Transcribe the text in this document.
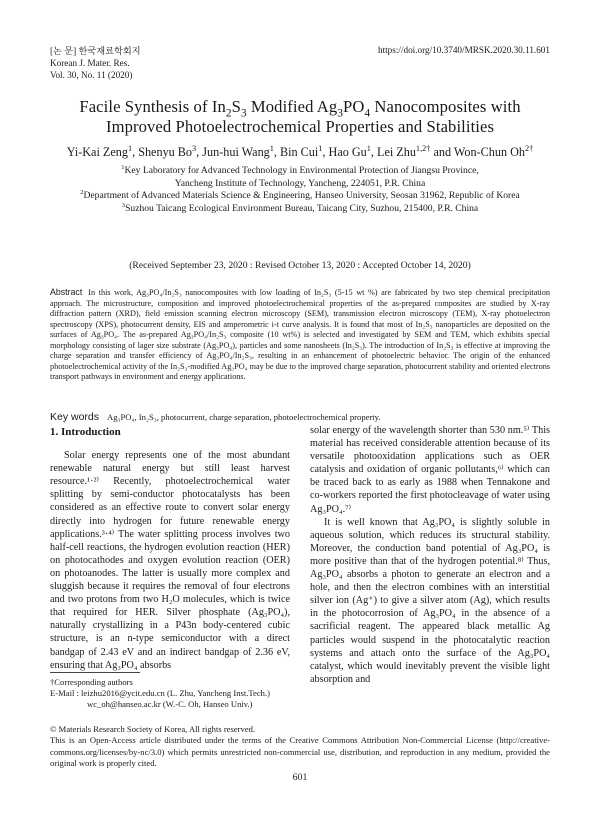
[논 문] 한국재료학회지
Korean J. Mater. Res.
Vol. 30, No. 11 (2020)
https://doi.org/10.3740/MRSK.2020.30.11.601
Facile Synthesis of $In_2S_3$ Modified $Ag_3PO_4$ Nanocomposites with
Improved Photoelectrochemical Properties and Stabilities
Yi-Kai Zeng$^1$, Shenyu Bo$^3$, Jun-hui Wang$^1$, Bin Cui$^1$, Hao Gu$^1$, Lei Zhu$^{1,2\dagger}$ and Won-Chun $Oh^{2\dagger}$
$^1$Key Laboratory for Advanced Technology in Environmental Protection of Jiangsu Province,
Yancheng Institute of Technology, Yancheng, 224051, P.R. China
$^2$Department of Advanced Materials Science & Engineering, Hanseo University, Seosan 31962, Republic of Korea
$^3$Suzhou Taicang Ecological Environment Bureau, Taicang City, Suzhou, 215400, P.R. China
(Received September 23, 2020 : Revised October 13, 2020 : Accepted October 14, 2020)
Abstract In this work, Ag₃PO₄/In₂S₃ nanocomposites with low loading of In₂S₃ (5-15 wt %) are fabricated by two step chemical precipitation approach. The microstructure, composition and improved photoelectrochemical properties of the as-prepared composites are studied by X-ray diffraction pattern (XRD), field emission scanning electron microscopy (SEM), transmission electron microscopy (TEM), X-ray photoelectron spectroscopy (XPS), photocurrent density, EIS and amperometric i-t curve analysis. It is found that most of In₂S₃ nanoparticles are deposited on the surfaces of Ag₃PO₄. The as-prepared Ag₃PO₄/In₂S₃ composite (10 wt%) is selected and investigated by SEM and TEM, which exhibits special morphology consisting of lager size substrate (Ag₃PO₄), particles and some nanosheets (In₂S₃). The introduction of In₂S₃ is effective at improving the charge separation and transfer efficiency of Ag₃PO₄/In₂S₃, resulting in an enhancement of photoelectric behavior. The origin of the enhanced photoelectrochemical activity of the In₂S₃-modified Ag₃PO₄ may be due to the improved charge separation, photocurrent stability and oriented electrons transport pathways in environment and energy applications.
Key words Ag₃PO₄, In₂S₃, photocurrent, charge separation, photoelectrochemical property.
1. Introduction

Solar energy represents one of the most abundant renewable natural energy but still least harvest resource.¹·²⁾ Recently, photoelectrochemical water splitting by semi-conductor photocatalysts has been considered as an effective route to convert solar energy directly into hydrogen for future renewable energy applications.³·⁴⁾ The water splitting process involves two half-cell reactions, the hydrogen evolution reaction (HER) on photocathodes and oxygen evolution reaction (OER) on photoanodes. The latter is usually more complex and sluggish because it requires the removal of four electrons and two protons from two H₂O molecules, which is twice that required for HER. Silver phosphate (Ag₃PO₄), naturally crystallizing in a P43n body-centered cubic structure, is an n-type semiconductor with a direct bandgap of 2.43 eV and an indirect bandgap of 2.36 eV, ensuring that Ag₃PO₄ absorbs

solar energy of the wavelength shorter than 530 nm.⁵⁾ This material has received considerable attention because of its versatile photooxidation applications such as OER catalysis and oxidation of organic pollutants,⁶⁾ which can be traced back to as early as 1988 when Tennakone and co-workers reported the first photocleavage of water using Ag₃PO₄.⁷⁾

It is well known that Ag₃PO₄ is slightly soluble in aqueous solution, which reduces its structural stability. Moreover, the conduction band potential of Ag₃PO₄ is more positive than that of the hydrogen potential.⁸⁾ Thus, Ag₃PO₄ absorbs a photon to generate an electron and a hole, and then the electron combines with an interstitial silver ion (Ag⁺) to give a silver atom (Ag), which results in the photocorrosion of Ag₃PO₄ in the absence of a sacrificial reagent. The appeared black metallic Ag particles would suspend in the photocatalytic reaction systems and attach onto the surface of the Ag₃PO₄ catalyst, which would inevitably prevent the visible light absorption and

†Corresponding authors
E-Mail : leizhu2016@ycit.edu.cn (L. Zhu, Yancheng Inst.Tech.)
wc_oh@hanseo.ac.kr (W.-C. Oh, Hanseo Univ.)
© Materials Research Society of Korea, All rights reserved.
This is an Open-Access article distributed under the terms of the Creative Commons Attribution Non-Commercial License (http://creative-commons.org/licenses/by-nc/3.0) which permits unrestricted non-commercial use, distribution, and reproduction in any medium, provided the original work is properly cited.
601
